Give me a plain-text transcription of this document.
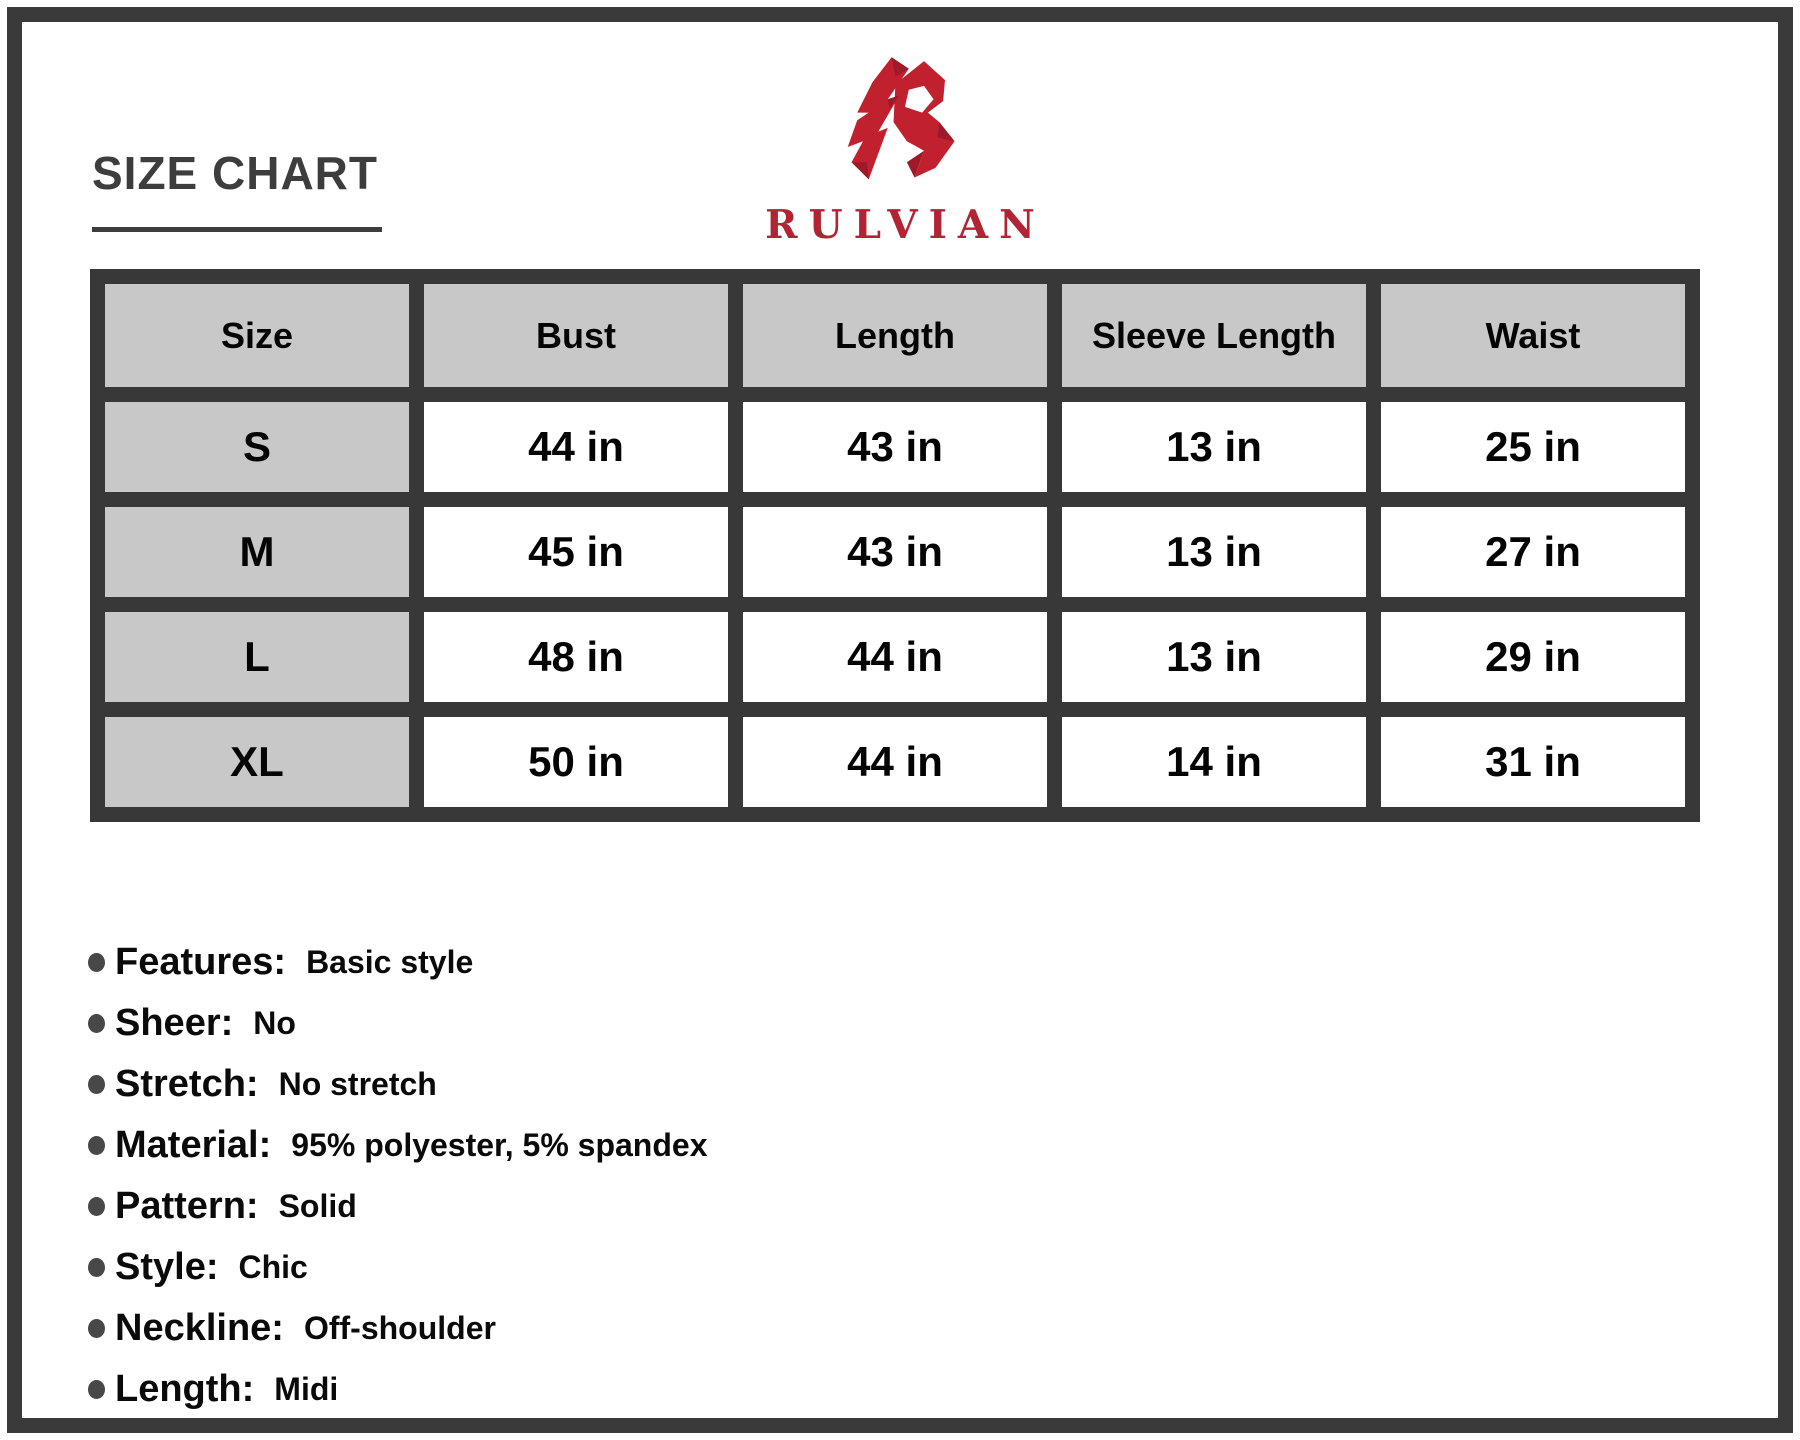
SIZE CHART
RULVIAN
Size	Bust	Length	Sleeve Length	Waist
S	44 in	43 in	13 in	25 in
M	45 in	43 in	13 in	27 in
L	48 in	44 in	13 in	29 in
XL	50 in	44 in	14 in	31 in
Features: Basic style
Sheer: No
Stretch: No stretch
Material: 95% polyester, 5% spandex
Pattern: Solid
Style: Chic
Neckline: Off-shoulder
Length: Midi
